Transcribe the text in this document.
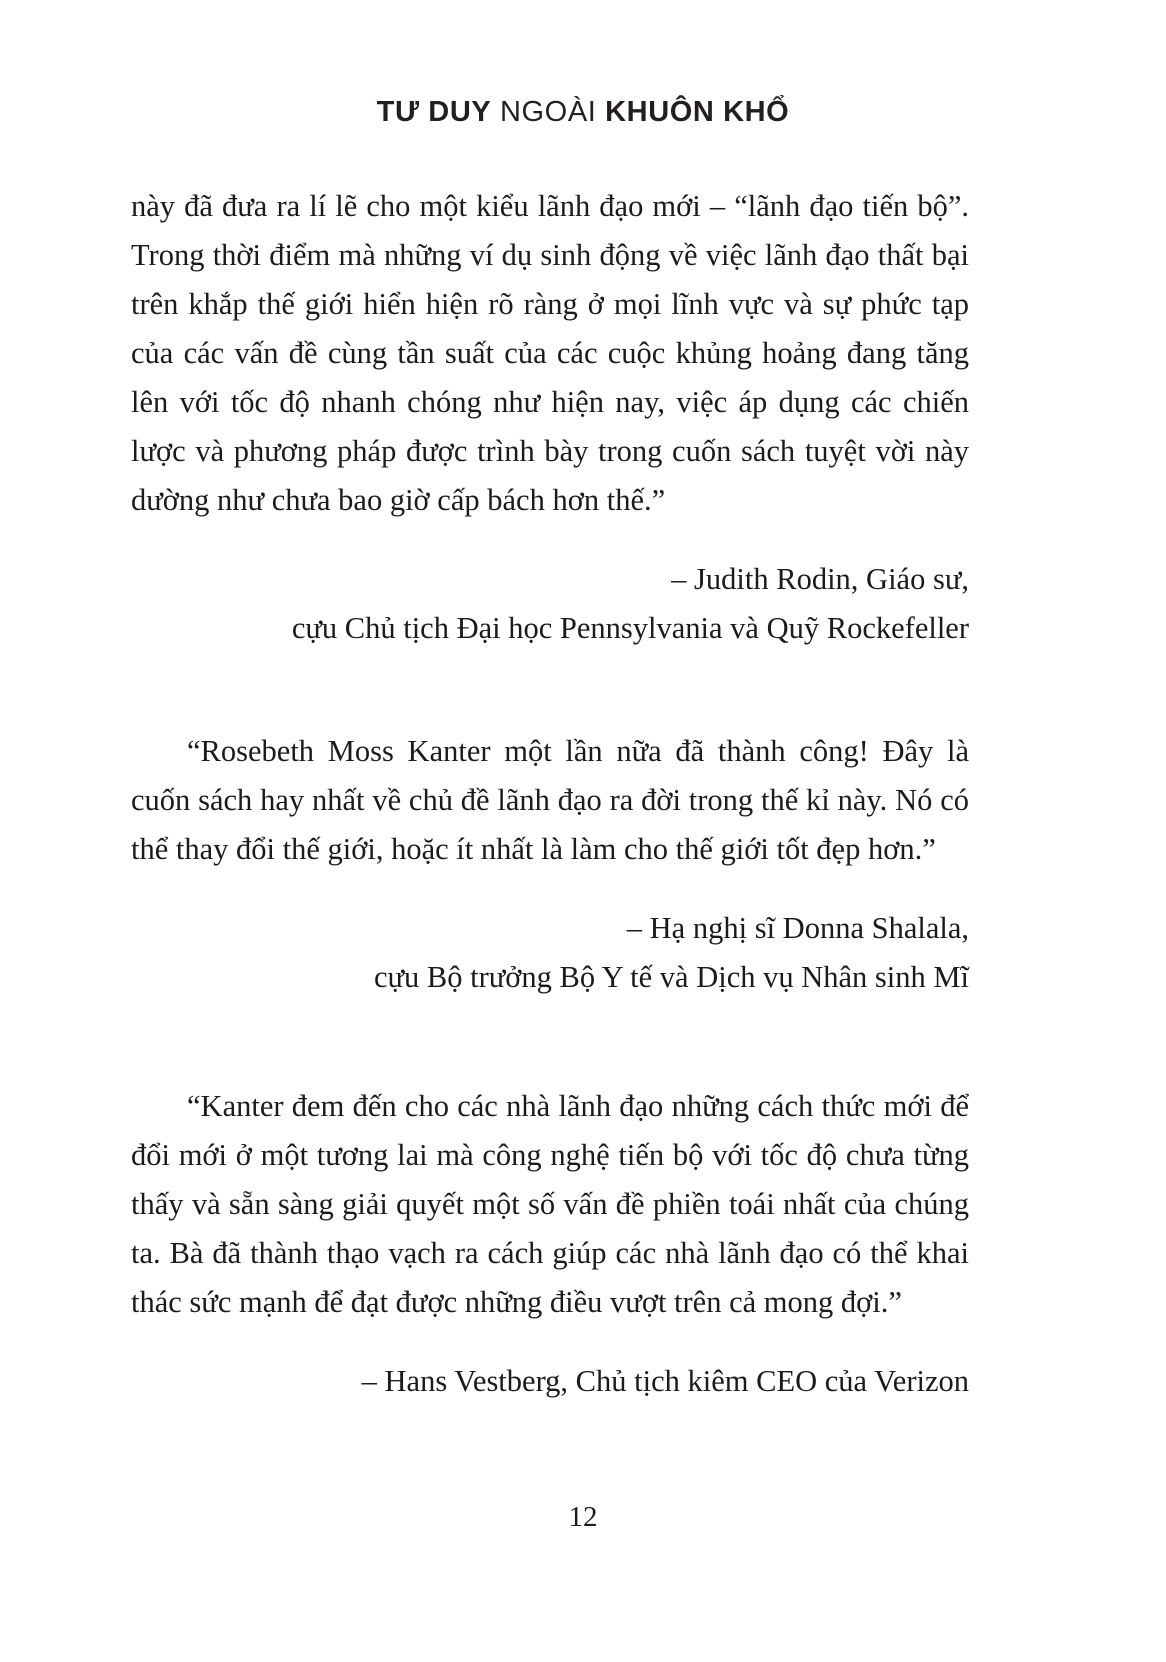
TƯ DUY NGOÀI KHUÔN KHỔ

này đã đưa ra lí lẽ cho một kiểu lãnh đạo mới – “lãnh đạo tiến bộ”. Trong thời điểm mà những ví dụ sinh động về việc lãnh đạo thất bại trên khắp thế giới hiển hiện rõ ràng ở mọi lĩnh vực và sự phức tạp của các vấn đề cùng tần suất của các cuộc khủng hoảng đang tăng lên với tốc độ nhanh chóng như hiện nay, việc áp dụng các chiến lược và phương pháp được trình bày trong cuốn sách tuyệt vời này dường như chưa bao giờ cấp bách hơn thế.”

– Judith Rodin, Giáo sư,

cựu Chủ tịch Đại học Pennsylvania và Quỹ Rockefeller

“Rosebeth Moss Kanter một lần nữa đã thành công! Đây là cuốn sách hay nhất về chủ đề lãnh đạo ra đời trong thế kỉ này. Nó có thể thay đổi thế giới, hoặc ít nhất là làm cho thế giới tốt đẹp hơn.”

– Hạ nghị sĩ Donna Shalala,

cựu Bộ trưởng Bộ Y tế và Dịch vụ Nhân sinh Mĩ

“Kanter đem đến cho các nhà lãnh đạo những cách thức mới để đổi mới ở một tương lai mà công nghệ tiến bộ với tốc độ chưa từng thấy và sẵn sàng giải quyết một số vấn đề phiền toái nhất của chúng ta. Bà đã thành thạo vạch ra cách giúp các nhà lãnh đạo có thể khai thác sức mạnh để đạt được những điều vượt trên cả mong đợi.”

– Hans Vestberg, Chủ tịch kiêm CEO của Verizon

12
